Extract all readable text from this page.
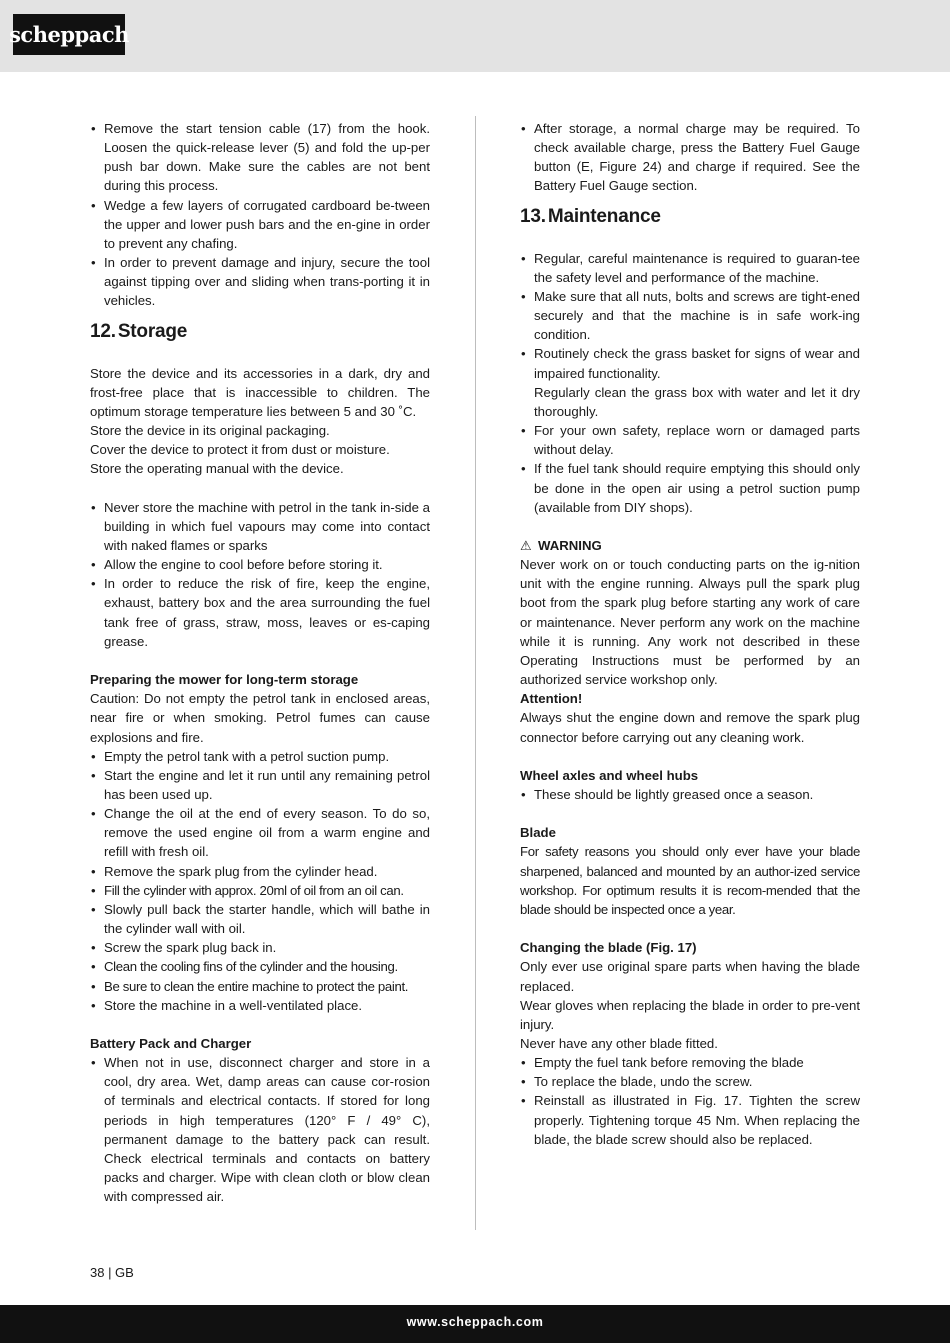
scheppach
• Remove the start tension cable (17) from the hook. Loosen the quick-release lever (5) and fold the up-per push bar down. Make sure the cables are not bent during this process.
• Wedge a few layers of corrugated cardboard be-tween the upper and lower push bars and the en-gine in order to prevent any chafing.
• In order to prevent damage and injury, secure the tool against tipping over and sliding when trans-porting it in vehicles.
12. Storage

Store the device and its accessories in a dark, dry and frost-free place that is inaccessible to children. The optimum storage temperature lies between 5 and 30 ˚C.

Store the device in its original packaging.

Cover the device to protect it from dust or moisture.

Store the operating manual with the device.

• Never store the machine with petrol in the tank in-side a building in which fuel vapours may come into contact with naked flames or sparks
• Allow the engine to cool before before storing it.
• In order to reduce the risk of fire, keep the engine, exhaust, battery box and the area surrounding the fuel tank free of grass, straw, moss, leaves or es-caping grease.

Preparing the mower for long-term storage

Caution: Do not empty the petrol tank in enclosed areas, near fire or when smoking. Petrol fumes can cause explosions and fire.

• Empty the petrol tank with a petrol suction pump.
• Start the engine and let it run until any remaining petrol has been used up.
• Change the oil at the end of every season. To do so, remove the used engine oil from a warm engine and refill with fresh oil.
• Remove the spark plug from the cylinder head.
• Fill the cylinder with approx. 20ml of oil from an oil can.
• Slowly pull back the starter handle, which will bathe in the cylinder wall with oil.
• Screw the spark plug back in.
• Clean the cooling fins of the cylinder and the housing.
• Be sure to clean the entire machine to protect the paint.
• Store the machine in a well-ventilated place.

Battery Pack and Charger

• When not in use, disconnect charger and store in a cool, dry area. Wet, damp areas can cause cor-rosion of terminals and electrical contacts. If stored for long periods in high temperatures (120° F / 49° C), permanent damage to the battery pack can result. Check electrical terminals and contacts on battery packs and charger. Wipe with clean cloth or blow clean with compressed air.
• After storage, a normal charge may be required. To check available charge, press the Battery Fuel Gauge button (E, Figure 24) and charge if required. See the Battery Fuel Gauge section.
13. Maintenance
• Regular, careful maintenance is required to guaran-tee the safety level and performance of the machine.
• Make sure that all nuts, bolts and screws are tight-ened securely and that the machine is in safe work-ing condition.
• Routinely check the grass basket for signs of wear and impaired functionality.
Regularly clean the grass box with water and let it dry thoroughly.
• For your own safety, replace worn or damaged parts without delay.
• If the fuel tank should require emptying this should only be done in the open air using a petrol suction pump (available from DIY shops).

⚠ WARNING

Never work on or touch conducting parts on the ig-nition unit with the engine running. Always pull the spark plug boot from the spark plug before starting any work of care or maintenance. Never perform any work on the machine while it is running. Any work not described in these Operating Instructions must be performed by an authorized service workshop only.

Attention!

Always shut the engine down and remove the spark plug connector before carrying out any cleaning work.

Wheel axles and wheel hubs

• These should be lightly greased once a season.

Blade

For safety reasons you should only ever have your blade sharpened, balanced and mounted by an author-ized service workshop. For optimum results it is recom-mended that the blade should be inspected once a year.

Changing the blade (Fig. 17)

Only ever use original spare parts when having the blade replaced.

Wear gloves when replacing the blade in order to pre-vent injury.

Never have any other blade fitted.

• Empty the fuel tank before removing the blade
• To replace the blade, undo the screw.
• Reinstall as illustrated in Fig. 17. Tighten the screw properly. Tightening torque 45 Nm. When replacing the blade, the blade screw should also be replaced.
38 | GB
www.scheppach.com
